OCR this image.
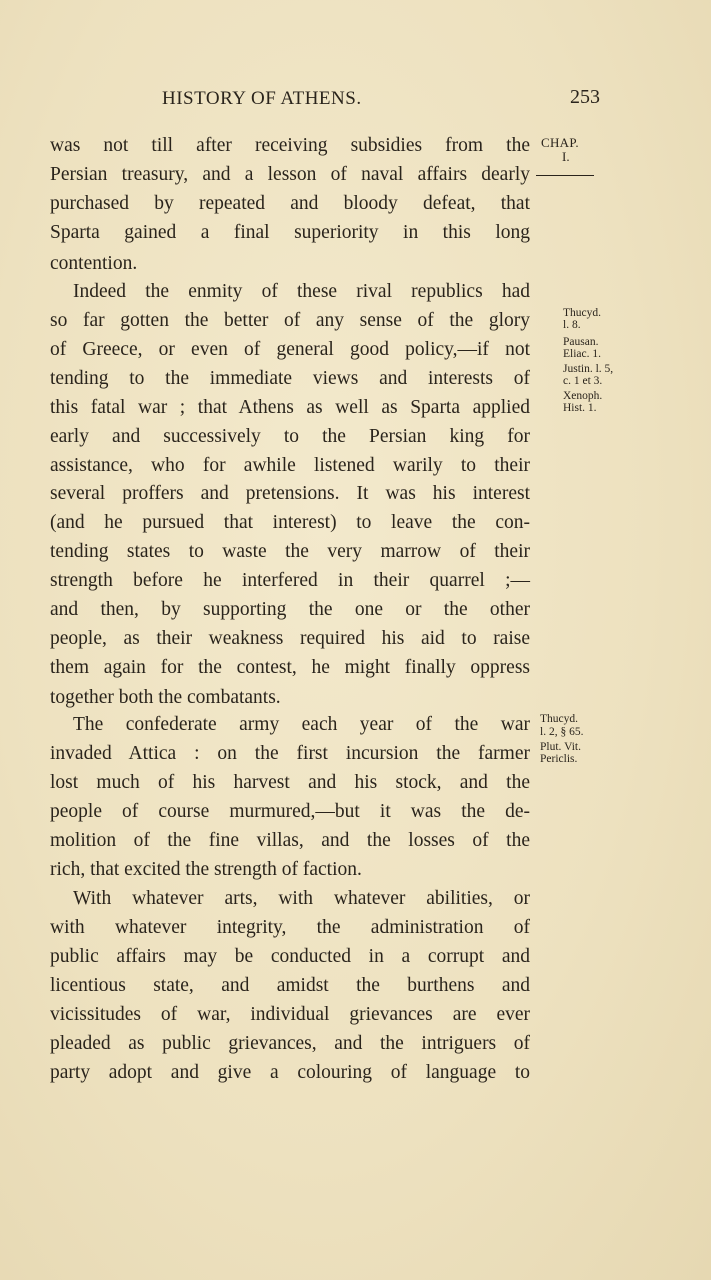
HISTORY OF ATHENS.	253
was not till after receiving subsidies from the
Persian treasury, and a lesson of naval affairs dearly
purchased by repeated and bloody defeat, that
Sparta gained a final superiority in this long
contention.
Indeed the enmity of these rival republics had
so far gotten the better of any sense of the glory
of Greece, or even of general good policy,—if not
tending to the immediate views and interests of
this fatal war ; that Athens as well as Sparta applied
early and successively to the Persian king for
assistance, who for awhile listened warily to their
several proffers and pretensions. It was his interest
(and he pursued that interest) to leave the con-
tending states to waste the very marrow of their
strength before he interfered in their quarrel ;—
and then, by supporting the one or the other
people, as their weakness required his aid to raise
them again for the contest, he might finally oppress
together both the combatants.
The confederate army each year of the war
invaded Attica : on the first incursion the farmer
lost much of his harvest and his stock, and the
people of course murmured,—but it was the de-
molition of the fine villas, and the losses of the
rich, that excited the strength of faction.
With whatever arts, with whatever abilities, or
with whatever integrity, the administration of
public affairs may be conducted in a corrupt and
licentious state, and amidst the burthens and
vicissitudes of war, individual grievances are ever
pleaded as public grievances, and the intriguers of
party adopt and give a colouring of language to
CHAP.
I.
Thucyd.
l. 8.
Pausan.
Eliac. 1.
Justin. l. 5,
c. 1 et 3.
Xenoph.
Hist. 1.
Thucyd.
l. 2, § 65.
Plut. Vit.
Periclis.
